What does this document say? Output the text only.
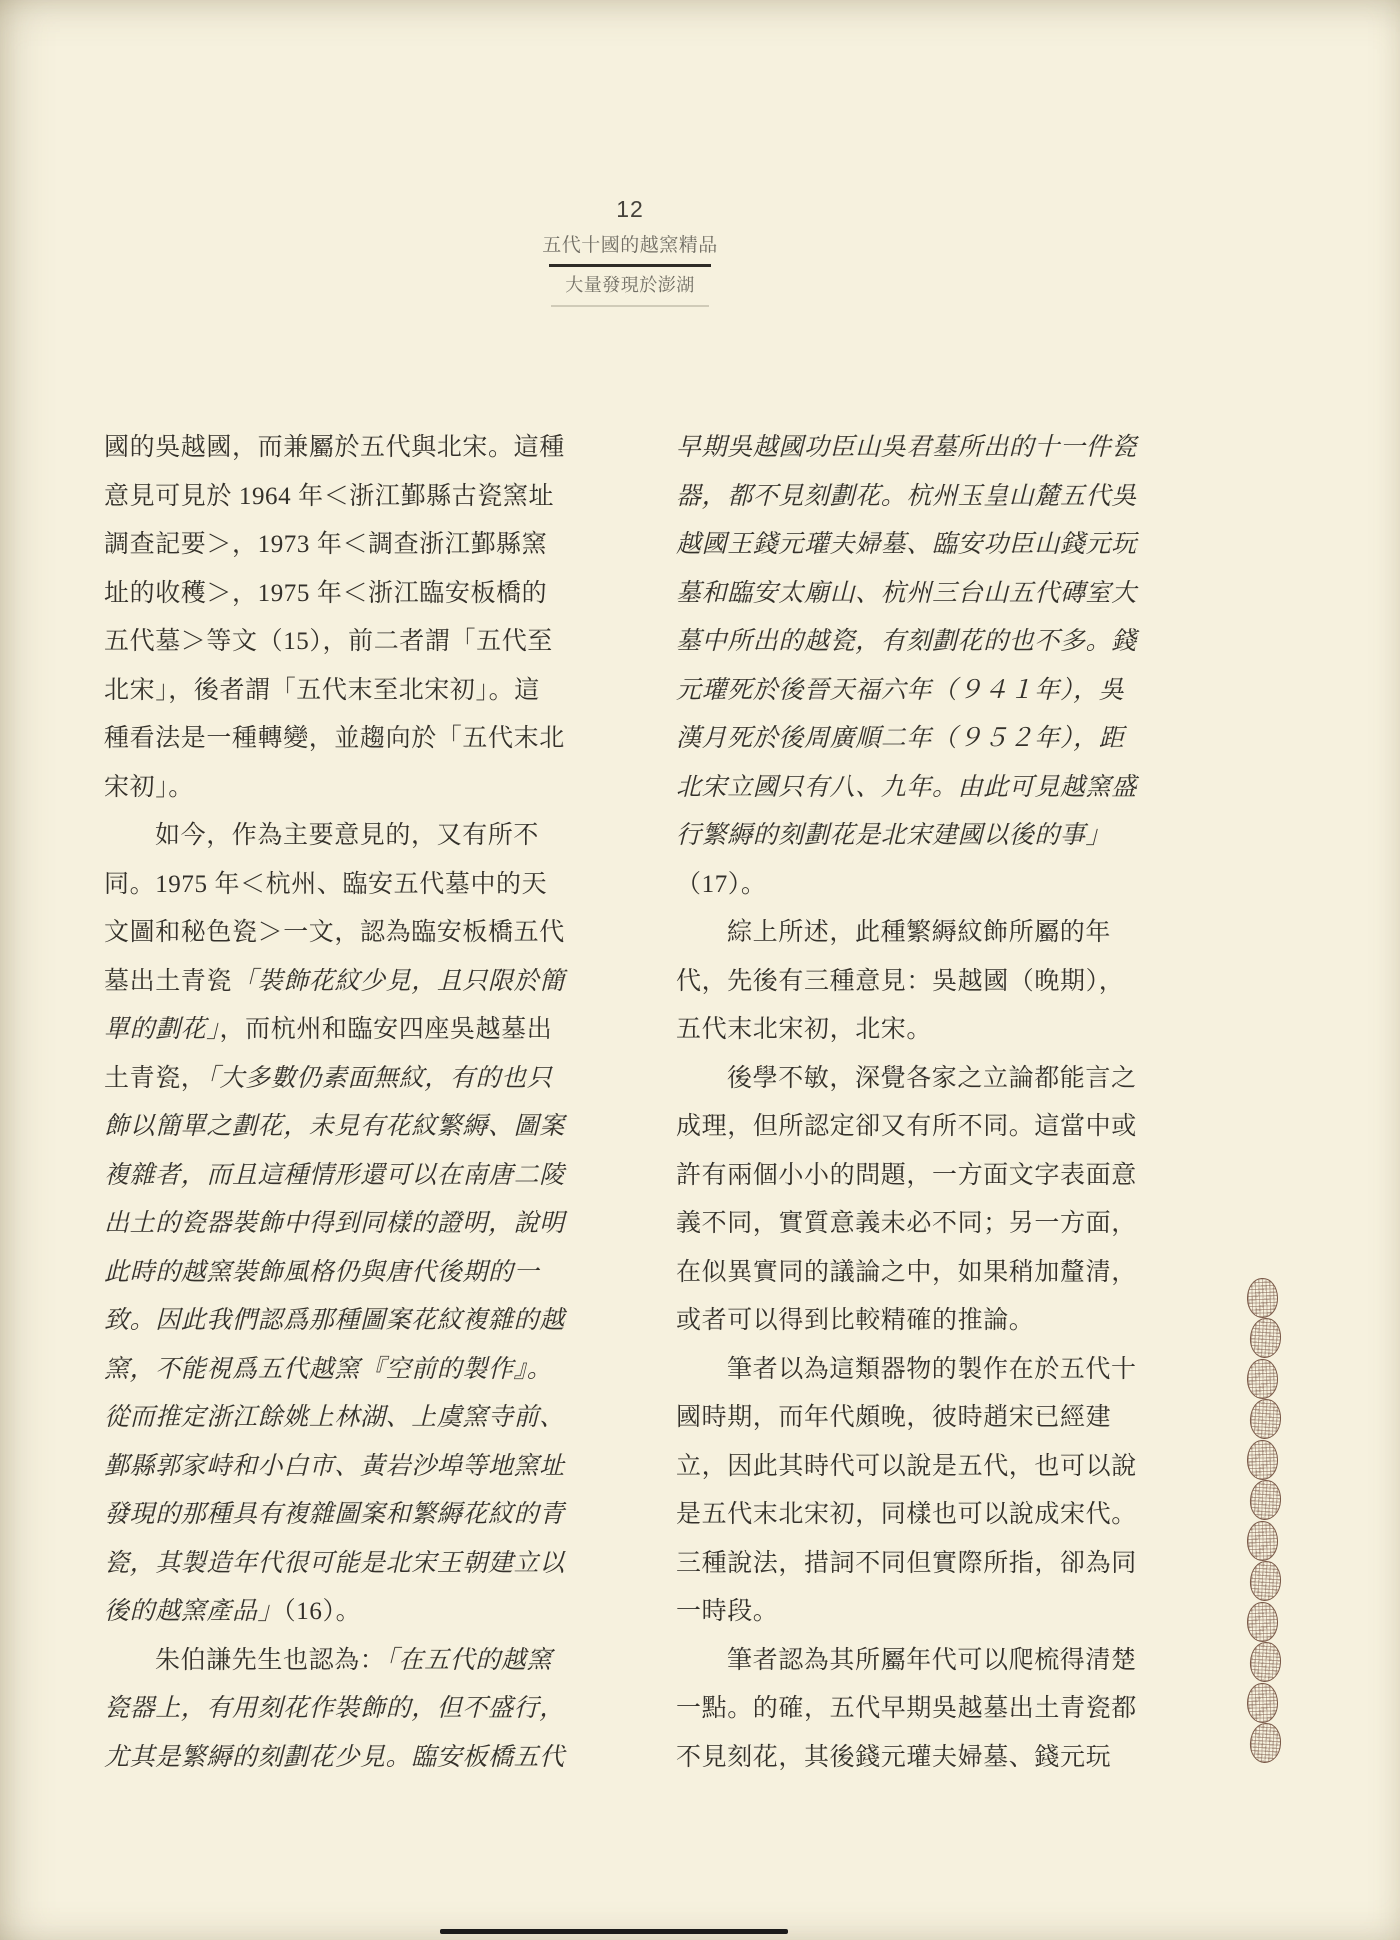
12
五代十國的越窯精品
大量發現於澎湖
國的吳越國，而兼屬於五代與北宋。這種
意見可見於 1964 年＜浙江鄞縣古瓷窯址
調查記要＞，1973 年＜調查浙江鄞縣窯
址的收穫＞，1975 年＜浙江臨安板橋的
五代墓＞等文（15），前二者謂「五代至
北宋」，後者謂「五代末至北宋初」。這
種看法是一種轉變，並趨向於「五代末北
宋初」。
如今，作為主要意見的，又有所不
同。1975 年＜杭州、臨安五代墓中的天
文圖和秘色瓷＞一文，認為臨安板橋五代
墓出土青瓷「裝飾花紋少見，且只限於簡
單的劃花」，而杭州和臨安四座吳越墓出
土青瓷，「大多數仍素面無紋，有的也只
飾以簡單之劃花，未見有花紋繁縟、圖案
複雜者，而且這種情形還可以在南唐二陵
出土的瓷器裝飾中得到同樣的證明，說明
此時的越窯裝飾風格仍與唐代後期的一
致。因此我們認爲那種圖案花紋複雜的越
窯，不能視爲五代越窯『空前的製作』。
從而推定浙江餘姚上林湖、上虞窯寺前、
鄞縣郭家峙和小白市、黃岩沙埠等地窯址
發現的那種具有複雜圖案和繁縟花紋的青
瓷，其製造年代很可能是北宋王朝建立以
後的越窯產品」（16）。
朱伯謙先生也認為：「在五代的越窯
瓷器上，有用刻花作裝飾的，但不盛行，
尤其是繁縟的刻劃花少見。臨安板橋五代
早期吳越國功臣山吳君墓所出的十一件瓷
器，都不見刻劃花。杭州玉皇山麓五代吳
越國王錢元瓘夫婦墓、臨安功臣山錢元玩
墓和臨安太廟山、杭州三台山五代磚室大
墓中所出的越瓷，有刻劃花的也不多。錢
元瓘死於後晉天福六年（９４１年），吳
漢月死於後周廣順二年（９５２年），距
北宋立國只有八、九年。由此可見越窯盛
行繁縟的刻劃花是北宋建國以後的事」
（17）。
綜上所述，此種繁縟紋飾所屬的年
代，先後有三種意見：吳越國（晚期），
五代末北宋初，北宋。
後學不敏，深覺各家之立論都能言之
成理，但所認定卻又有所不同。這當中或
許有兩個小小的問題，一方面文字表面意
義不同，實質意義未必不同；另一方面，
在似異實同的議論之中，如果稍加釐清，
或者可以得到比較精確的推論。
筆者以為這類器物的製作在於五代十
國時期，而年代頗晚，彼時趙宋已經建
立，因此其時代可以說是五代，也可以說
是五代末北宋初，同樣也可以說成宋代。
三種說法，措詞不同但實際所指，卻為同
一時段。
筆者認為其所屬年代可以爬梳得清楚
一點。的確，五代早期吳越墓出土青瓷都
不見刻花，其後錢元瓘夫婦墓、錢元玩
